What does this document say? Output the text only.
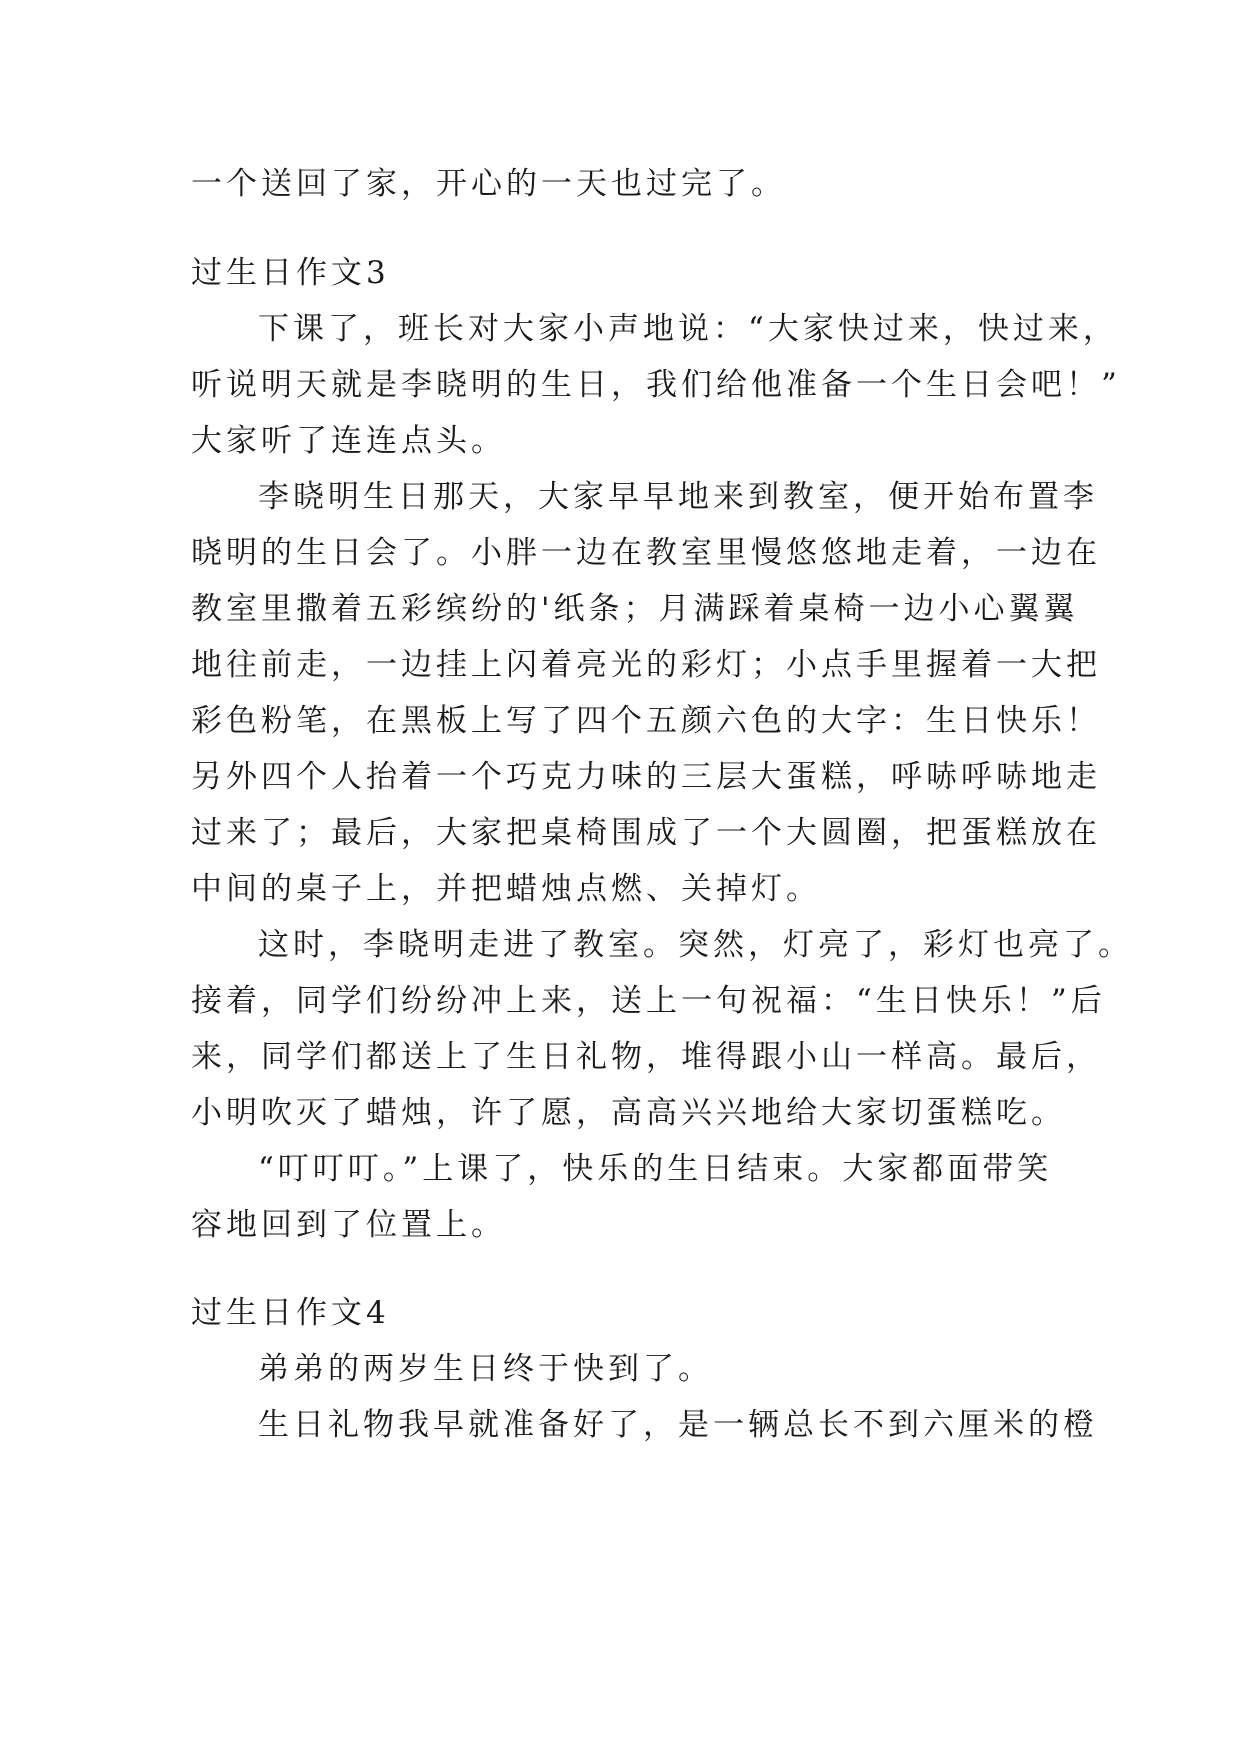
一个送回了家，开心的一天也过完了。
过生日作文3
下课了，班长对大家小声地说：“大家快过来，快过来，
听说明天就是李晓明的生日，我们给他准备一个生日会吧！”
大家听了连连点头。
李晓明生日那天，大家早早地来到教室，便开始布置李
晓明的生日会了。小胖一边在教室里慢悠悠地走着，一边在
教室里撒着五彩缤纷的'纸条；月满踩着桌椅一边小心翼翼
地往前走，一边挂上闪着亮光的彩灯；小点手里握着一大把
彩色粉笔，在黑板上写了四个五颜六色的大字：生日快乐！
另外四个人抬着一个巧克力味的三层大蛋糕，呼哧呼哧地走
过来了；最后，大家把桌椅围成了一个大圆圈，把蛋糕放在
中间的桌子上，并把蜡烛点燃、关掉灯。
这时，李晓明走进了教室。突然，灯亮了，彩灯也亮了。
接着，同学们纷纷冲上来，送上一句祝福：“生日快乐！”后
来，同学们都送上了生日礼物，堆得跟小山一样高。最后，
小明吹灭了蜡烛，许了愿，高高兴兴地给大家切蛋糕吃。
“叮叮叮。”上课了，快乐的生日结束。大家都面带笑
容地回到了位置上。
过生日作文4
弟弟的两岁生日终于快到了。
生日礼物我早就准备好了，是一辆总长不到六厘米的橙
